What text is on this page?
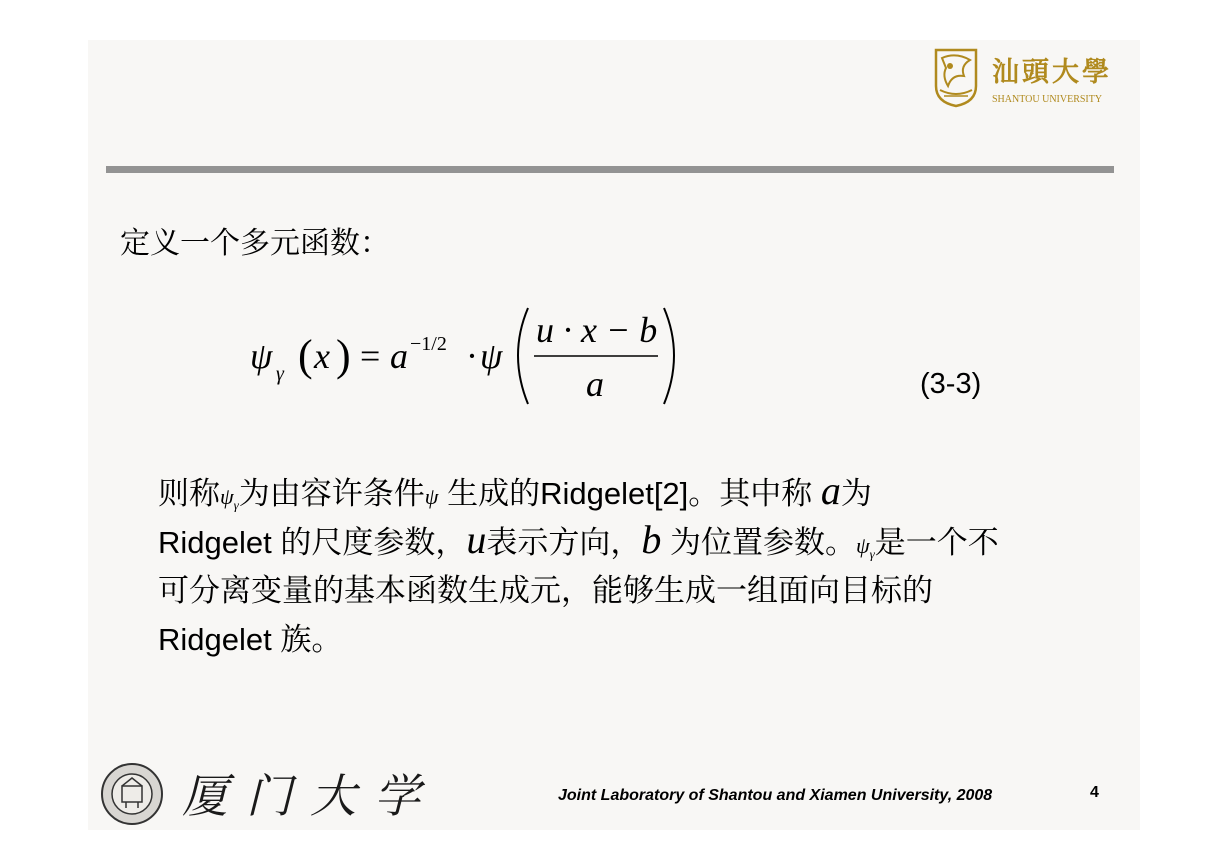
汕頭大學
SHANTOU UNIVERSITY
定义一个多元函数：
ψ γ ( x ) = a −1/2 · ψ
u · x − b
a	(3-3)
则称$\psi_\gamma$为由容许条件ψ 生成的Ridgelet[2]。其中称 a为
Ridgelet 的尺度参数，u表示方向，b 为位置参数。$\psi_\gamma$是一个不
可分离变量的基本函数生成元，能够生成一组面向目标的
Ridgelet 族。
厦门大学	Joint Laboratory of Shantou and Xiamen University, 2008	4
